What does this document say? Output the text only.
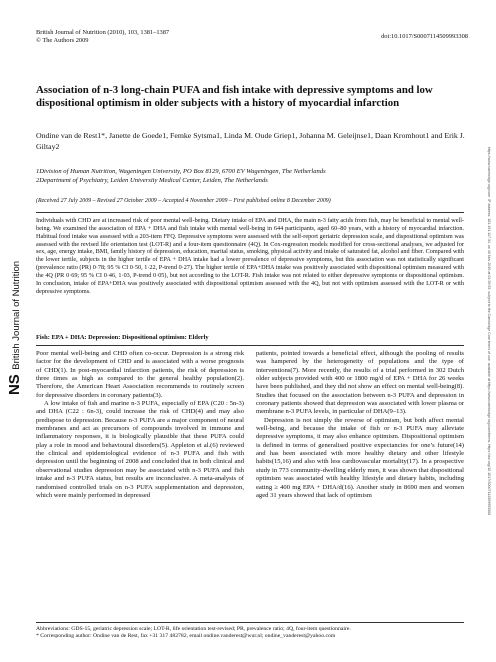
British Journal of Nutrition (2010), 103, 1381–1387
© The Authors 2009
doi:10.1017/S0007114509993308
Association of n-3 long-chain PUFA and fish intake with depressive symptoms and low dispositional optimism in older subjects with a history of myocardial infarction
Ondine van de Rest1*, Janette de Goede1, Femke Sytsma1, Linda M. Oude Griep1, Johanna M. Geleijnse1, Daan Kromhout1 and Erik J. Giltay2
1Division of Human Nutrition, Wageningen University, PO Box 8129, 6700 EV Wageningen, The Netherlands
2Department of Psychiatry, Leiden University Medical Center, Leiden, The Netherlands
(Received 27 July 2009 – Revised 27 October 2009 – Accepted 4 November 2009 – First published online 8 December 2009)
Individuals with CHD are at increased risk of poor mental well-being. Dietary intake of EPA and DHA, the main n-3 fatty acids from fish, may be beneficial to mental well-being. We examined the association of EPA + DHA and fish intake with mental well-being in 644 participants, aged 60–80 years, with a history of myocardial infarction. Habitual food intake was assessed with a 203-item FFQ. Depressive symptoms were assessed with the self-report geriatric depression scale, and dispositional optimism was assessed with the revised life orientation test (LOT-R) and a four-item questionnaire (4Q). In Cox-regression models modified for cross-sectional analyses, we adjusted for sex, age, energy intake, BMI, family history of depression, education, marital status, smoking, physical activity and intake of saturated fat, alcohol and fiber. Compared with the lower tertile, subjects in the higher tertile of EPA + DHA intake had a lower prevalence of depressive symptoms, but this association was not statistically significant (prevalence ratio (PR) 0·78; 95 % CI 0·50, 1·22, P-trend 0·27). The higher tertile of EPA+DHA intake was positively associated with dispositional optimism measured with the 4Q (PR 0·69; 95 % CI 0·46, 1·03, P-trend 0·05), but not according to the LOT-R. Fish intake was not related to either depressive symptoms or dispositional optimism. In conclusion, intake of EPA+DHA was positively associated with dispositional optimism assessed with the 4Q, but not with optimism assessed with the LOT-R or with depressive symptoms.
Fish: EPA + DHA: Depression: Dispositional optimism: Elderly

Poor mental well-being and CHD often co-occur. Depression is a strong risk factor for the development of CHD and is associated with a worse prognosis of CHD(1). In post-myocardial infarction patients, the risk of depression is three times as high as compared to the general healthy population(2). Therefore, the American Heart Association recommends to routinely screen for depressive disorders in coronary patients(3).

A low intake of fish and marine n-3 PUFA, especially of EPA (C20 : 5n-3) and DHA (C22 : 6n-3), could increase the risk of CHD(4) and may also predispose to depression. Because n-3 PUFA are a major component of neural membranes and act as precursors of compounds involved in immune and inflammatory responses, it is biologically plausible that these PUFA could play a role in mood and behavioural disorders(5). Appleton et al.(6) reviewed the clinical and epidemiological evidence of n-3 PUFA and fish with depression until the beginning of 2008 and concluded that in both clinical and observational studies depression may be associated with n-3 PUFA and fish intake and n-3 PUFA status, but results are inconclusive. A meta-analysis of randomised controlled trials on n-3 PUFA supplementation and depression, which were mainly performed in depressed

patients, pointed towards a beneficial effect, although the pooling of results was hampered by the heterogeneity of populations and the type of interventions(7). More recently, the results of a trial performed in 302 Dutch older subjects provided with 400 or 1800 mg/d of EPA + DHA for 26 weeks have been published, and they did not show an effect on mental well-being(8). Studies that focused on the association between n-3 PUFA and depression in coronary patients showed that depression was associated with lower plasma or membrane n-3 PUFA levels, in particular of DHA(9–13).

Depression is not simply the reverse of optimism, but both affect mental well-being, and because the intake of fish or n-3 PUFA may alleviate depressive symptoms, it may also enhance optimism. Dispositional optimism is defined in terms of generalised positive expectancies for one’s future(14) and has been associated with more healthy dietary and other lifestyle habits(15,16) and also with less cardiovascular mortality(17). In a prospective study in 773 community-dwelling elderly men, it was shown that dispositional optimism was associated with healthy lifestyle and dietary habits, including eating ≥ 400 mg EPA + DHA/d(16). Another study in 8690 men and women aged 31 years showed that lack of optimism

Abbreviations: GDS-15, geriatric depression scale; LOT-R, life orientation test-revised; PR, prevalence ratio; 4Q, four-item questionnaire.
* Corresponding author: Ondine van de Rest, fax +31 317 482782, email ondine.vanderest@wur.nl; ondine_vanderest@yahoo.com
NS British Journal of Nutrition	https://www.cambridge.org/core. IP address: 181.191.117.34, on 10 Nov 2019 at 04:39:53, subject to the Cambridge Core terms of use, available at https://www.cambridge.org/core/terms. https://doi.org/10.1017/S0007114509993308
